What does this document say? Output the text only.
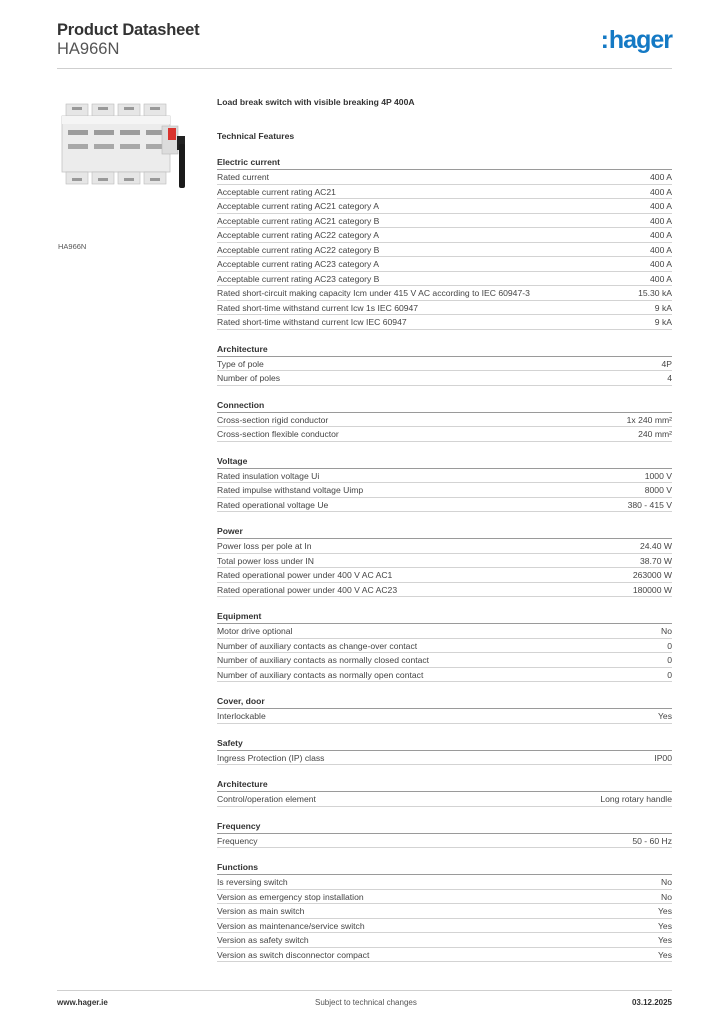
Product Datasheet
HA966N	:hager
HA966N
Load break switch with visible breaking 4P 400A
Technical Features
Electric current
Rated current	400 A
Acceptable current rating AC21	400 A
Acceptable current rating AC21 category A	400 A
Acceptable current rating AC21 category B	400 A
Acceptable current rating AC22 category A	400 A
Acceptable current rating AC22 category B	400 A
Acceptable current rating AC23 category A	400 A
Acceptable current rating AC23 category B	400 A
Rated short-circuit making capacity Icm under 415 V AC according to IEC 60947-3	15.30 kA
Rated short-time withstand current Icw 1s IEC 60947	9 kA
Rated short-time withstand current Icw IEC 60947	9 kA
Architecture
Type of pole	4P
Number of poles	4
Connection
Cross-section rigid conductor	1x 240 mm²
Cross-section flexible conductor	240 mm²
Voltage
Rated insulation voltage Ui	1000 V
Rated impulse withstand voltage Uimp	8000 V
Rated operational voltage Ue	380 - 415 V
Power
Power loss per pole at In	24.40 W
Total power loss under IN	38.70 W
Rated operational power under 400 V AC AC1	263000 W
Rated operational power under 400 V AC AC23	180000 W
Equipment
Motor drive optional	No
Number of auxiliary contacts as change-over contact	0
Number of auxiliary contacts as normally closed contact	0
Number of auxiliary contacts as normally open contact	0
Cover, door
Interlockable	Yes
Safety
Ingress Protection (IP) class	IP00
Architecture
Control/operation element	Long rotary handle
Frequency
Frequency	50 - 60 Hz
Functions
Is reversing switch	No
Version as emergency stop installation	No
Version as main switch	Yes
Version as maintenance/service switch	Yes
Version as safety switch	Yes
Version as switch disconnector compact	Yes
www.hager.ie	Subject to technical changes	03.12.2025
